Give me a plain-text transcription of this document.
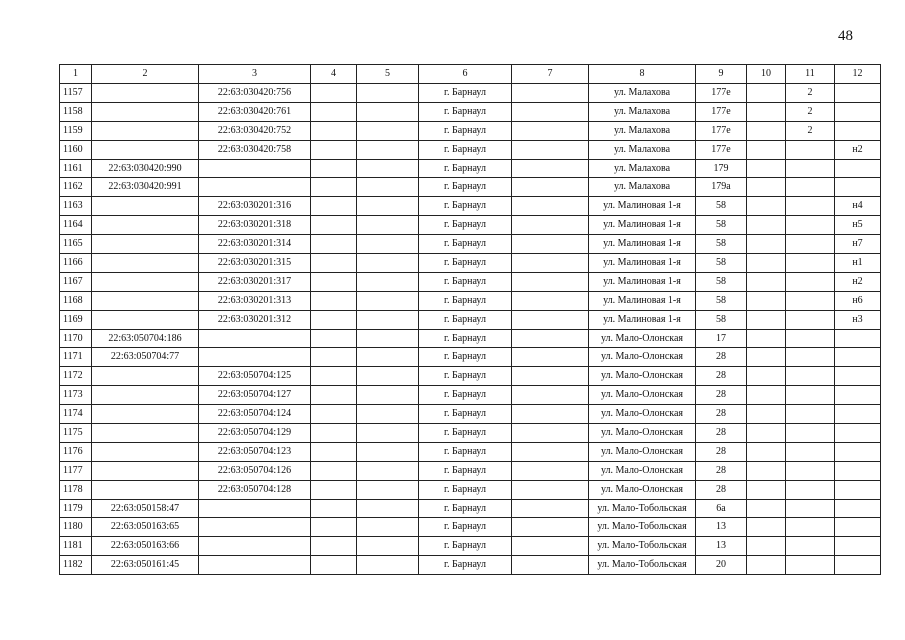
48
1	2	3	4	5	6	7	8	9	10	11	12
1157		22:63:030420:756			г. Барнаул		ул. Малахова	177е		2	
1158		22:63:030420:761			г. Барнаул		ул. Малахова	177е		2	
1159		22:63:030420:752			г. Барнаул		ул. Малахова	177е		2	
1160		22:63:030420:758			г. Барнаул		ул. Малахова	177е			н2
1161	22:63:030420:990				г. Барнаул		ул. Малахова	179			
1162	22:63:030420:991				г. Барнаул		ул. Малахова	179а			
1163		22:63:030201:316			г. Барнаул		ул. Малиновая 1-я	58			н4
1164		22:63:030201:318			г. Барнаул		ул. Малиновая 1-я	58			н5
1165		22:63:030201:314			г. Барнаул		ул. Малиновая 1-я	58			н7
1166		22:63:030201:315			г. Барнаул		ул. Малиновая 1-я	58			н1
1167		22:63:030201:317			г. Барнаул		ул. Малиновая 1-я	58			н2
1168		22:63:030201:313			г. Барнаул		ул. Малиновая 1-я	58			н6
1169		22:63:030201:312			г. Барнаул		ул. Малиновая 1-я	58			н3
1170	22:63:050704:186				г. Барнаул		ул. Мало-Олонская	17			
1171	22:63:050704:77				г. Барнаул		ул. Мало-Олонская	28			
1172		22:63:050704:125			г. Барнаул		ул. Мало-Олонская	28			
1173		22:63:050704:127			г. Барнаул		ул. Мало-Олонская	28			
1174		22:63:050704:124			г. Барнаул		ул. Мало-Олонская	28			
1175		22:63:050704:129			г. Барнаул		ул. Мало-Олонская	28			
1176		22:63:050704:123			г. Барнаул		ул. Мало-Олонская	28			
1177		22:63:050704:126			г. Барнаул		ул. Мало-Олонская	28			
1178		22:63:050704:128			г. Барнаул		ул. Мало-Олонская	28			
1179	22:63:050158:47				г. Барнаул		ул. Мало-Тобольская	6а			
1180	22:63:050163:65				г. Барнаул		ул. Мало-Тобольская	13			
1181	22:63:050163:66				г. Барнаул		ул. Мало-Тобольская	13			
1182	22:63:050161:45				г. Барнаул		ул. Мало-Тобольская	20			
